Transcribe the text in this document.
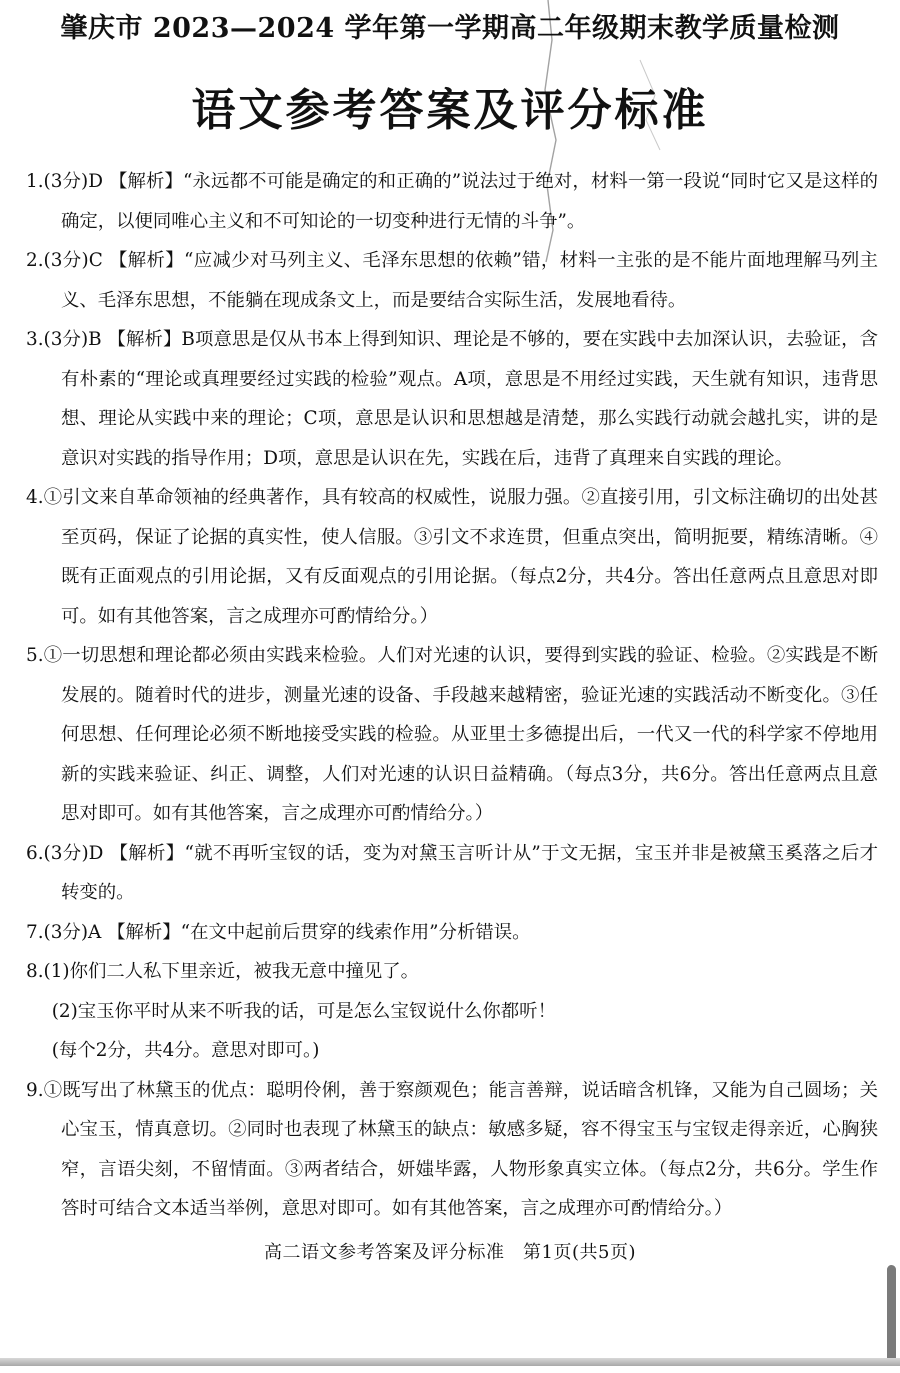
肇庆市 2023—2024 学年第一学期高二年级期末教学质量检测
语文参考答案及评分标准
1.(3分)D 【解析】“永远都不可能是确定的和正确的”说法过于绝对，材料一第一段说“同时它又是这样的确定，以便同唯心主义和不可知论的一切变种进行无情的斗争”。
2.(3分)C 【解析】“应减少对马列主义、毛泽东思想的依赖”错，材料一主张的是不能片面地理解马列主义、毛泽东思想，不能躺在现成条文上，而是要结合实际生活，发展地看待。
3.(3分)B 【解析】B项意思是仅从书本上得到知识、理论是不够的，要在实践中去加深认识，去验证，含有朴素的“理论或真理要经过实践的检验”观点。A项，意思是不用经过实践，天生就有知识，违背思想、理论从实践中来的理论；C项，意思是认识和思想越是清楚，那么实践行动就会越扎实，讲的是意识对实践的指导作用；D项，意思是认识在先，实践在后，违背了真理来自实践的理论。
4.①引文来自革命领袖的经典著作，具有较高的权威性，说服力强。②直接引用，引文标注确切的出处甚至页码，保证了论据的真实性，使人信服。③引文不求连贯，但重点突出，简明扼要，精练清晰。④既有正面观点的引用论据，又有反面观点的引用论据。（每点2分，共4分。答出任意两点且意思对即可。如有其他答案，言之成理亦可酌情给分。）
5.①一切思想和理论都必须由实践来检验。人们对光速的认识，要得到实践的验证、检验。②实践是不断发展的。随着时代的进步，测量光速的设备、手段越来越精密，验证光速的实践活动不断变化。③任何思想、任何理论必须不断地接受实践的检验。从亚里士多德提出后，一代又一代的科学家不停地用新的实践来验证、纠正、调整，人们对光速的认识日益精确。（每点3分，共6分。答出任意两点且意思对即可。如有其他答案，言之成理亦可酌情给分。）
6.(3分)D 【解析】“就不再听宝钗的话，变为对黛玉言听计从”于文无据，宝玉并非是被黛玉奚落之后才转变的。
7.(3分)A 【解析】“在文中起前后贯穿的线索作用”分析错误。
8.(1)你们二人私下里亲近，被我无意中撞见了。
(2)宝玉你平时从来不听我的话，可是怎么宝钗说什么你都听！
(每个2分，共4分。意思对即可。)
9.①既写出了林黛玉的优点：聪明伶俐，善于察颜观色；能言善辩，说话暗含机锋，又能为自己圆场；关心宝玉，情真意切。②同时也表现了林黛玉的缺点：敏感多疑，容不得宝玉与宝钗走得亲近，心胸狭窄，言语尖刻，不留情面。③两者结合，妍媸毕露，人物形象真实立体。（每点2分，共6分。学生作答时可结合文本适当举例，意思对即可。如有其他答案，言之成理亦可酌情给分。）
高二语文参考答案及评分标准　第1页(共5页)
